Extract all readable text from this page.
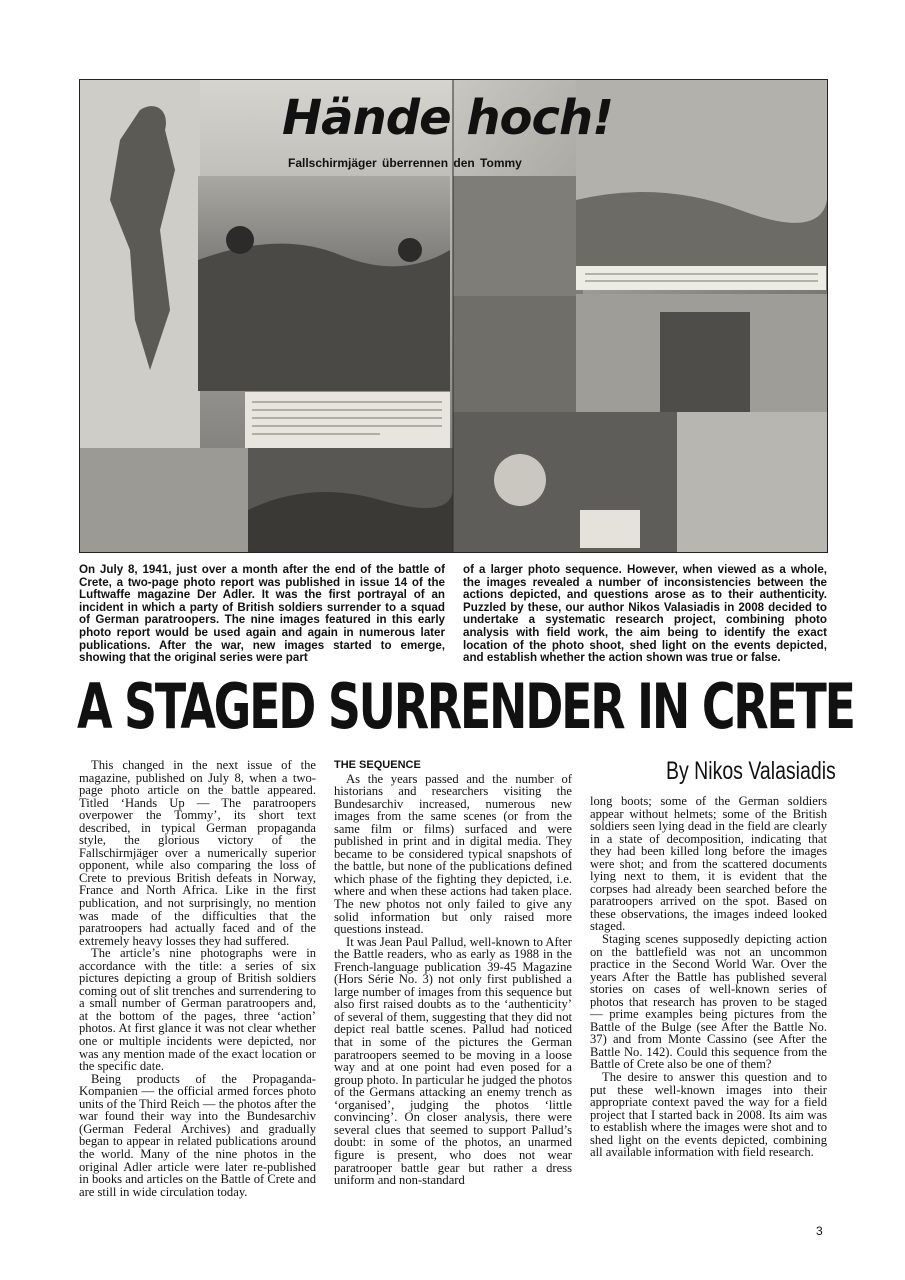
Hände hoch!
Fallschirmjäger überrennen den Tommy
On July 8, 1941, just over a month after the end of the battle of Crete, a two-page photo report was published in issue 14 of the Luftwaffe magazine Der Adler. It was the first portrayal of an incident in which a party of British soldiers surrender to a squad of German paratroopers. The nine images featured in this early photo report would be used again and again in numerous later publications. After the war, new images started to emerge, showing that the original series were part
of a larger photo sequence. However, when viewed as a whole, the images revealed a number of inconsistencies between the actions depicted, and questions arose as to their authenticity. Puzzled by these, our author Nikos Valasiadis in 2008 decided to undertake a systematic research project, combining photo analysis with field work, the aim being to identify the exact location of the photo shoot, shed light on the events depicted, and establish whether the action shown was true or false.
A STAGED SURRENDER IN CRETE
By Nikos Valasiadis

This changed in the next issue of the magazine, published on July 8, when a two-page photo article on the battle appeared. Titled ‘Hands Up — The paratroopers overpower the Tommy’, its short text described, in typical German propaganda style, the glorious victory of the Fallschirmjäger over a numerically superior opponent, while also comparing the loss of Crete to previous British defeats in Norway, France and North Africa. Like in the first publication, and not surprisingly, no mention was made of the difficulties that the paratroopers had actually faced and of the extremely heavy losses they had suffered.

The article’s nine photographs were in accordance with the title: a series of six pictures depicting a group of British soldiers coming out of slit trenches and surrendering to a small number of German paratroopers and, at the bottom of the pages, three ‘action’ photos. At first glance it was not clear whether one or multiple incidents were depicted, nor was any mention made of the exact location or the specific date.

Being products of the Propaganda-Kompanien — the official armed forces photo units of the Third Reich — the photos after the war found their way into the Bundesarchiv (German Federal Archives) and gradually began to appear in related publications around the world. Many of the nine photos in the original Adler article were later re-published in books and articles on the Battle of Crete and are still in wide circulation today.

THE SEQUENCE

As the years passed and the number of historians and researchers visiting the Bundesarchiv increased, numerous new images from the same scenes (or from the same film or films) surfaced and were published in print and in digital media. They became to be considered typical snapshots of the battle, but none of the publications defined which phase of the fighting they depicted, i.e. where and when these actions had taken place. The new photos not only failed to give any solid information but only raised more questions instead.

It was Jean Paul Pallud, well-known to After the Battle readers, who as early as 1988 in the French-language publication 39-45 Magazine (Hors Série No. 3) not only first published a large number of images from this sequence but also first raised doubts as to the ‘authenticity’ of several of them, suggesting that they did not depict real battle scenes. Pallud had noticed that in some of the pictures the German paratroopers seemed to be moving in a loose way and at one point had even posed for a group photo. In particular he judged the photos of the Germans attacking an enemy trench as ‘organised’, judging the photos ‘little convincing’. On closer analysis, there were several clues that seemed to support Pallud’s doubt: in some of the photos, an unarmed figure is present, who does not wear paratrooper battle gear but rather a dress uniform and non-standard

long boots; some of the German soldiers appear without helmets; some of the British soldiers seen lying dead in the field are clearly in a state of decomposition, indicating that they had been killed long before the images were shot; and from the scattered documents lying next to them, it is evident that the corpses had already been searched before the paratroopers arrived on the spot. Based on these observations, the images indeed looked staged.

Staging scenes supposedly depicting action on the battlefield was not an uncommon practice in the Second World War. Over the years After the Battle has published several stories on cases of well-known series of photos that research has proven to be staged — prime examples being pictures from the Battle of the Bulge (see After the Battle No. 37) and from Monte Cassino (see After the Battle No. 142). Could this sequence from the Battle of Crete also be one of them?

The desire to answer this question and to put these well-known images into their appropriate context paved the way for a field project that I started back in 2008. Its aim was to establish where the images were shot and to shed light on the events depicted, combining all available information with field research.

3
